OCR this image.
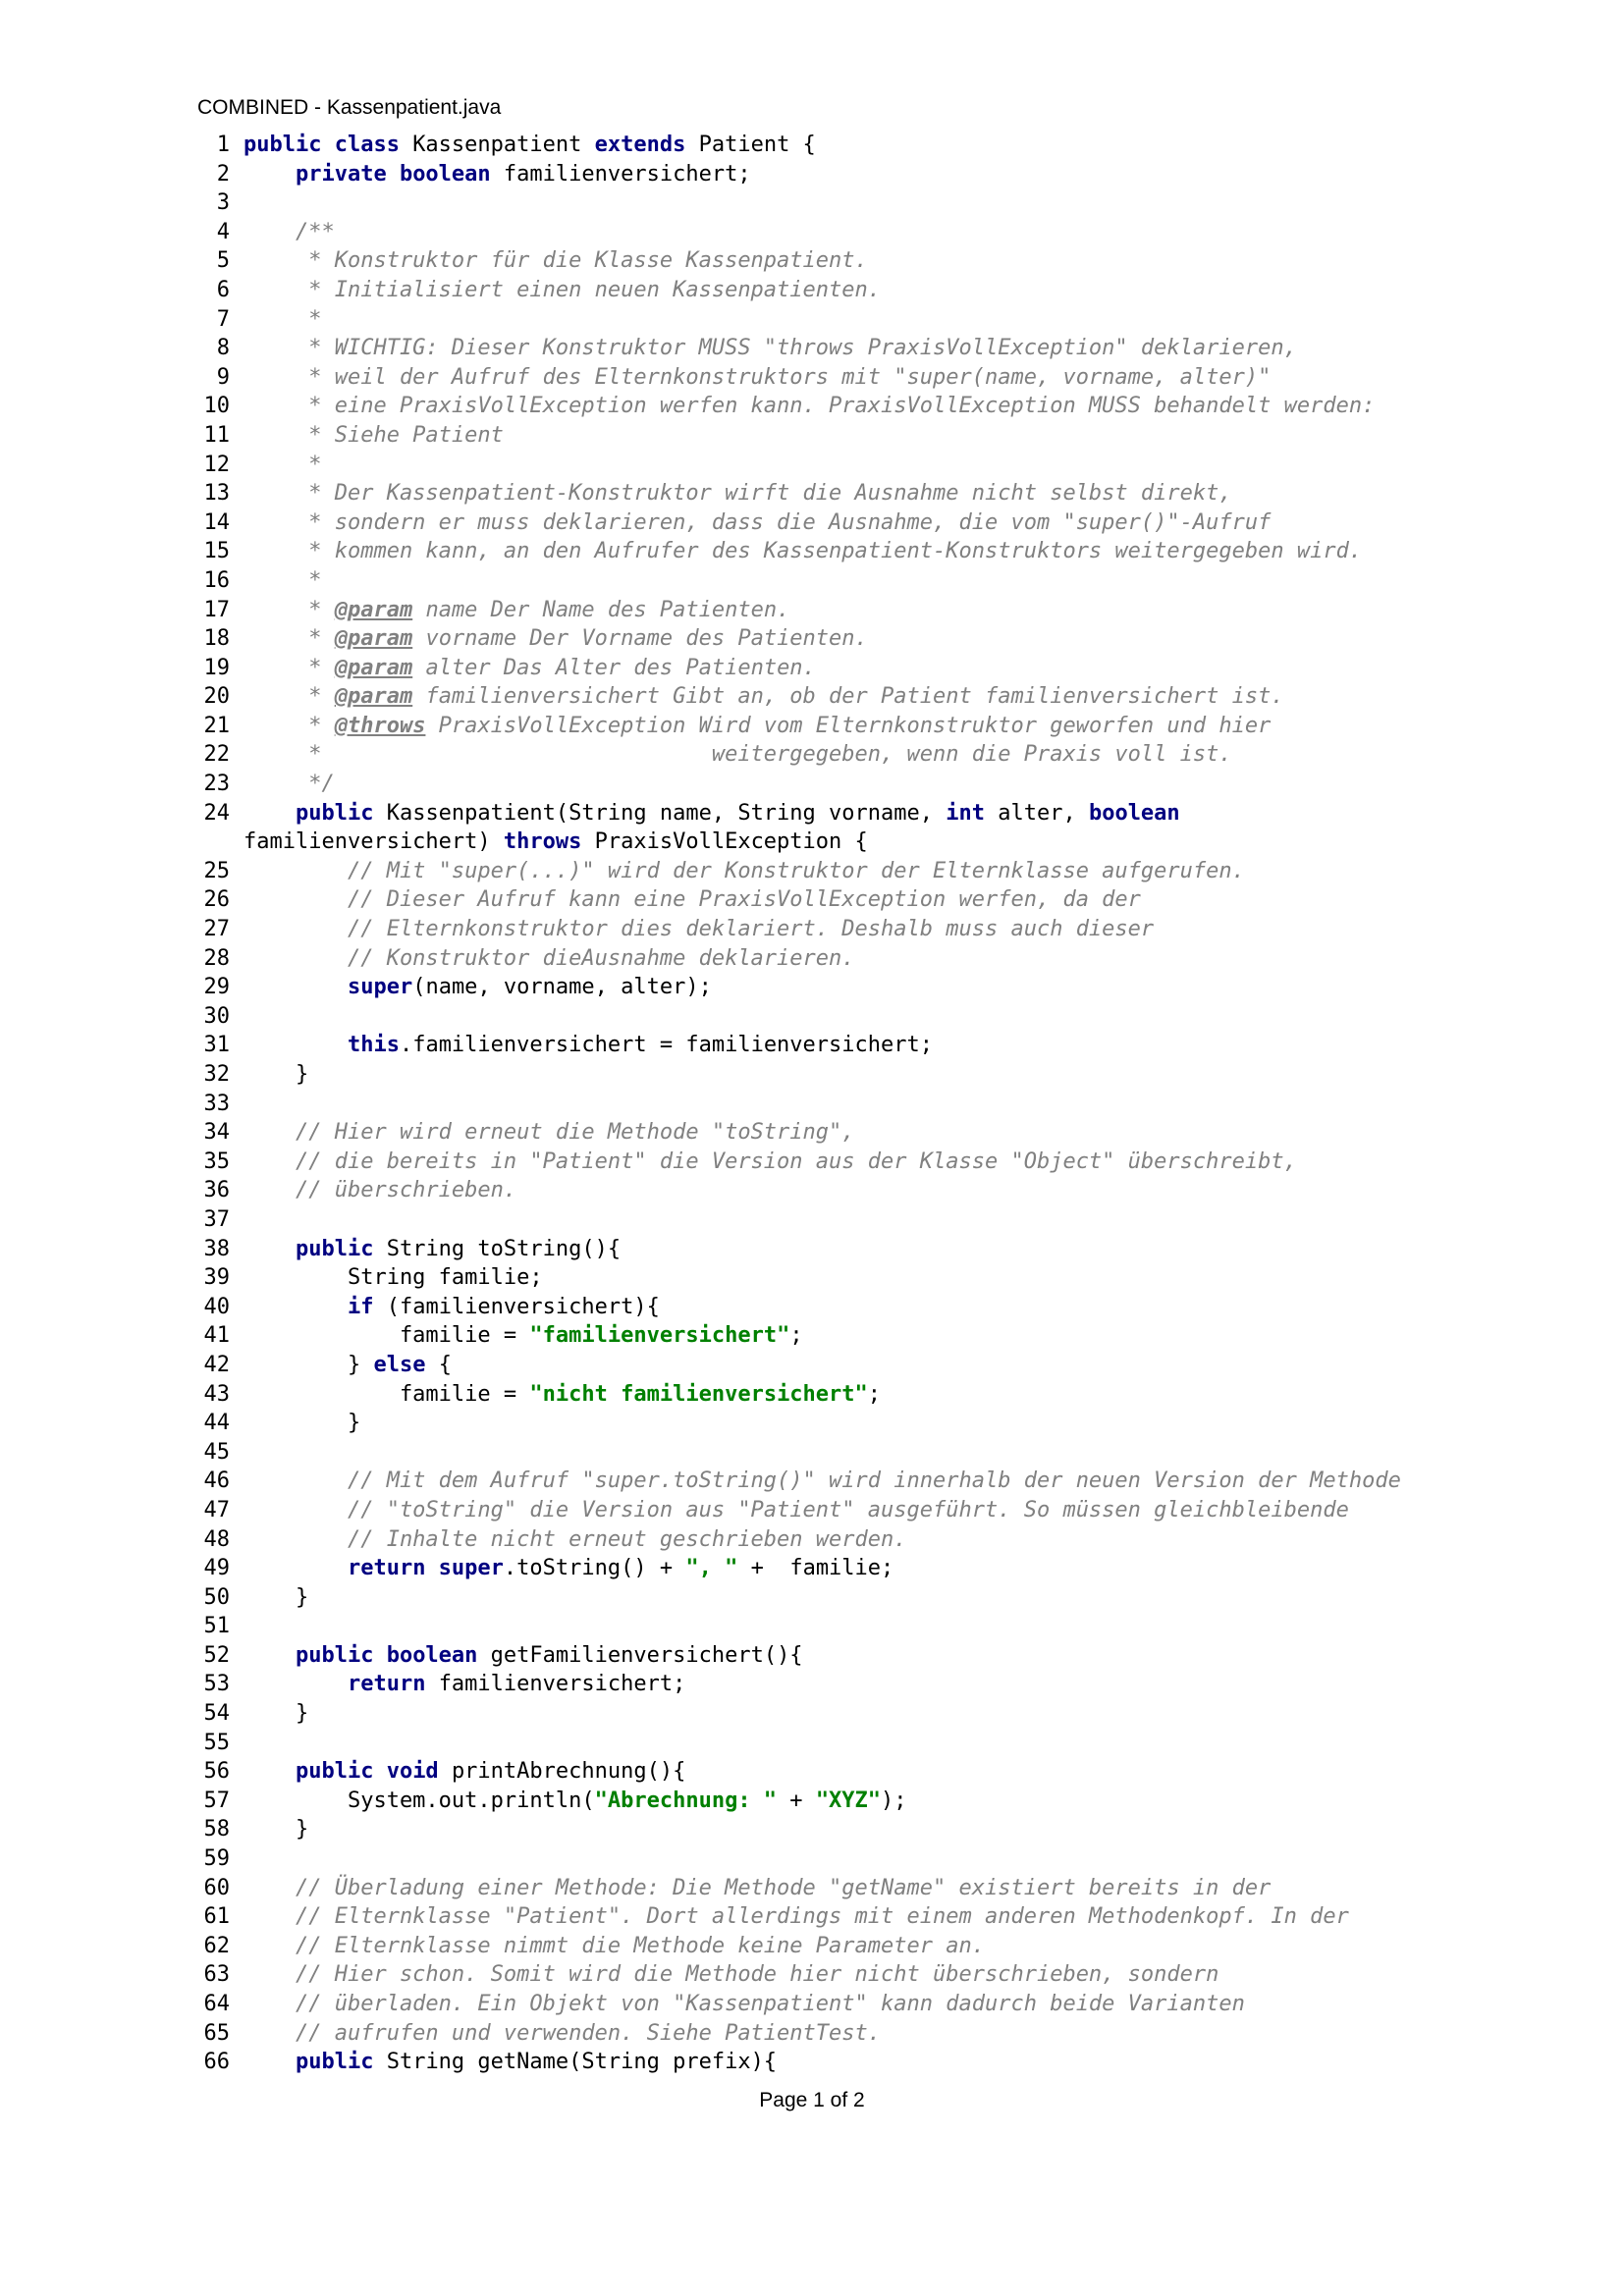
COMBINED - Kassenpatient.java
1 public class Kassenpatient extends Patient {
2	private boolean familienversichert;
3
4 /**
5 * Konstruktor für die Klasse Kassenpatient.
6 * Initialisiert einen neuen Kassenpatienten.
7 *
8 * WICHTIG: Dieser Konstruktor MUSS "throws PraxisVollException" deklarieren,
9 * weil der Aufruf des Elternkonstruktors mit "super(name, vorname, alter)"
10 * eine PraxisVollException werfen kann. PraxisVollException MUSS behandelt werden:
11 * Siehe Patient
12 *
13 * Der Kassenpatient-Konstruktor wirft die Ausnahme nicht selbst direkt,
14 * sondern er muss deklarieren, dass die Ausnahme, die vom "super()"-Aufruf
15 * kommen kann, an den Aufrufer des Kassenpatient-Konstruktors weitergegeben wird.
16 *
17 * @param name Der Name des Patienten.
18 * @param vorname Der Vorname des Patienten.
19 * @param alter Das Alter des Patienten.
20 * @param familienversichert Gibt an, ob der Patient familienversichert ist.
21 * @throws PraxisVollException Wird vom Elternkonstruktor geworfen und hier
22 *                              weitergegeben, wenn die Praxis voll ist.
23 */
24	public Kassenpatient(String name, String vorname, int alter, boolean
familienversichert) throws PraxisVollException {
25 // Mit "super(...)" wird der Konstruktor der Elternklasse aufgerufen.
26 // Dieser Aufruf kann eine PraxisVollException werfen, da der
27 // Elternkonstruktor dies deklariert. Deshalb muss auch dieser
28 // Konstruktor dieAusnahme deklarieren.
29	super(name, vorname, alter);
30
31	this.familienversichert = familienversichert;
32 }
33
34 // Hier wird erneut die Methode "toString",
35 // die bereits in "Patient" die Version aus der Klasse "Object" überschreibt,
36 // überschrieben.
37
38	public String toString(){
39 String familie;
40	if (familienversichert){
41 familie = "familienversichert";
42 } else {
43 familie = "nicht familienversichert";
44 }
45
46 // Mit dem Aufruf "super.toString()" wird innerhalb der neuen Version der Methode
47 // "toString" die Version aus "Patient" ausgeführt. So müssen gleichbleibende
48 // Inhalte nicht erneut geschrieben werden.
49	return super.toString() + ", " +  familie;
50 }
51
52	public boolean getFamilienversichert(){
53	return familienversichert;
54 }
55
56	public void printAbrechnung(){
57 System.out.println("Abrechnung: " + "XYZ");
58 }
59
60 // Überladung einer Methode: Die Methode "getName" existiert bereits in der
61 // Elternklasse "Patient". Dort allerdings mit einem anderen Methodenkopf. In der
62 // Elternklasse nimmt die Methode keine Parameter an.
63 // Hier schon. Somit wird die Methode hier nicht überschrieben, sondern
64 // überladen. Ein Objekt von "Kassenpatient" kann dadurch beide Varianten
65 // aufrufen und verwenden. Siehe PatientTest.
66	public String getName(String prefix){
Page 1 of 2
